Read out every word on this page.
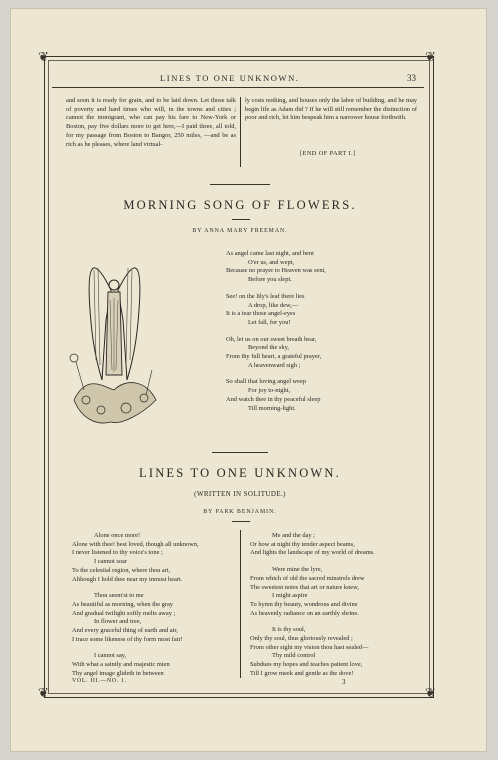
❦	❦
❦	❦
LINES TO ONE UNKNOWN.	33

and soon it is ready for grain, and to be laid down. Let those talk of poverty and hard times who will, in the towns and cities ; cannot the immigrant, who can pay his fare to New-York or Boston, pay five dollars more to get here,—I paid three, all told, for my passage from Boston to Bangor, 250 miles, —and be as rich as he pleases, where land virtual-

ly costs nothing, and houses only the labor of building, and he may begin life as Adam did ? If he will still remember the distinction of poor and rich, let him bespeak him a narrower house forthwith.

[END OF PART I.]
MORNING SONG OF FLOWERS.
BY ANNA MARY FREEMAN.
As angel came last night, and bent
O'er us, and wept,
Because no prayer to Heaven was sent,
Before you slept.
See! on the lily's leaf there lies
A drop, like dew,—
It is a tear those angel-eyes
Let fall, for you!
Oh, let us on our sweet breath bear,
Beyond the sky,
From thy full heart, a grateful prayer,
A heavenward sigh ;
So shall that loving angel weep
For joy to-night,
And watch thee in thy peaceful sleep
Till morning-light.
LINES TO ONE UNKNOWN.
(WRITTEN IN SOLITUDE.)
BY PARK BENJAMIN.
Alone once more!
Alone with thee! best loved, though all unknown,
I never listened to thy voice's tone ;
I cannot soar
To the celestial region, where thou art,
Although I hold thee near my inmost heart.
Thou seem'st to me
As beautiful as morning, when the gray
And gradual twilight softly melts away ;
In flower and tree,
And every graceful thing of earth and air,
I trace some likeness of thy form most fair!
I cannot say,
With what a saintly and majestic mien
Thy angel image glideth in between
Me and the day ;
Or how at night thy tender aspect beams,
And lights the landscape of my world of dreams.
Were mine the lyre,
From which of old the sacred minstrels drew
The sweetest notes that art or nature knew,
I might aspire
To hymn thy beauty, wondrous and divine
As heavenly radiance on an earthly shrine.
It is thy soul,
Only thy soul, thus gloriously revealed ;
From other sight my vision thou hast sealed—
Thy mild control
Subdues my hopes and teaches patient love,
Till I grow meek and gentle as the dove!
VOL. III.—NO. 1.	3
